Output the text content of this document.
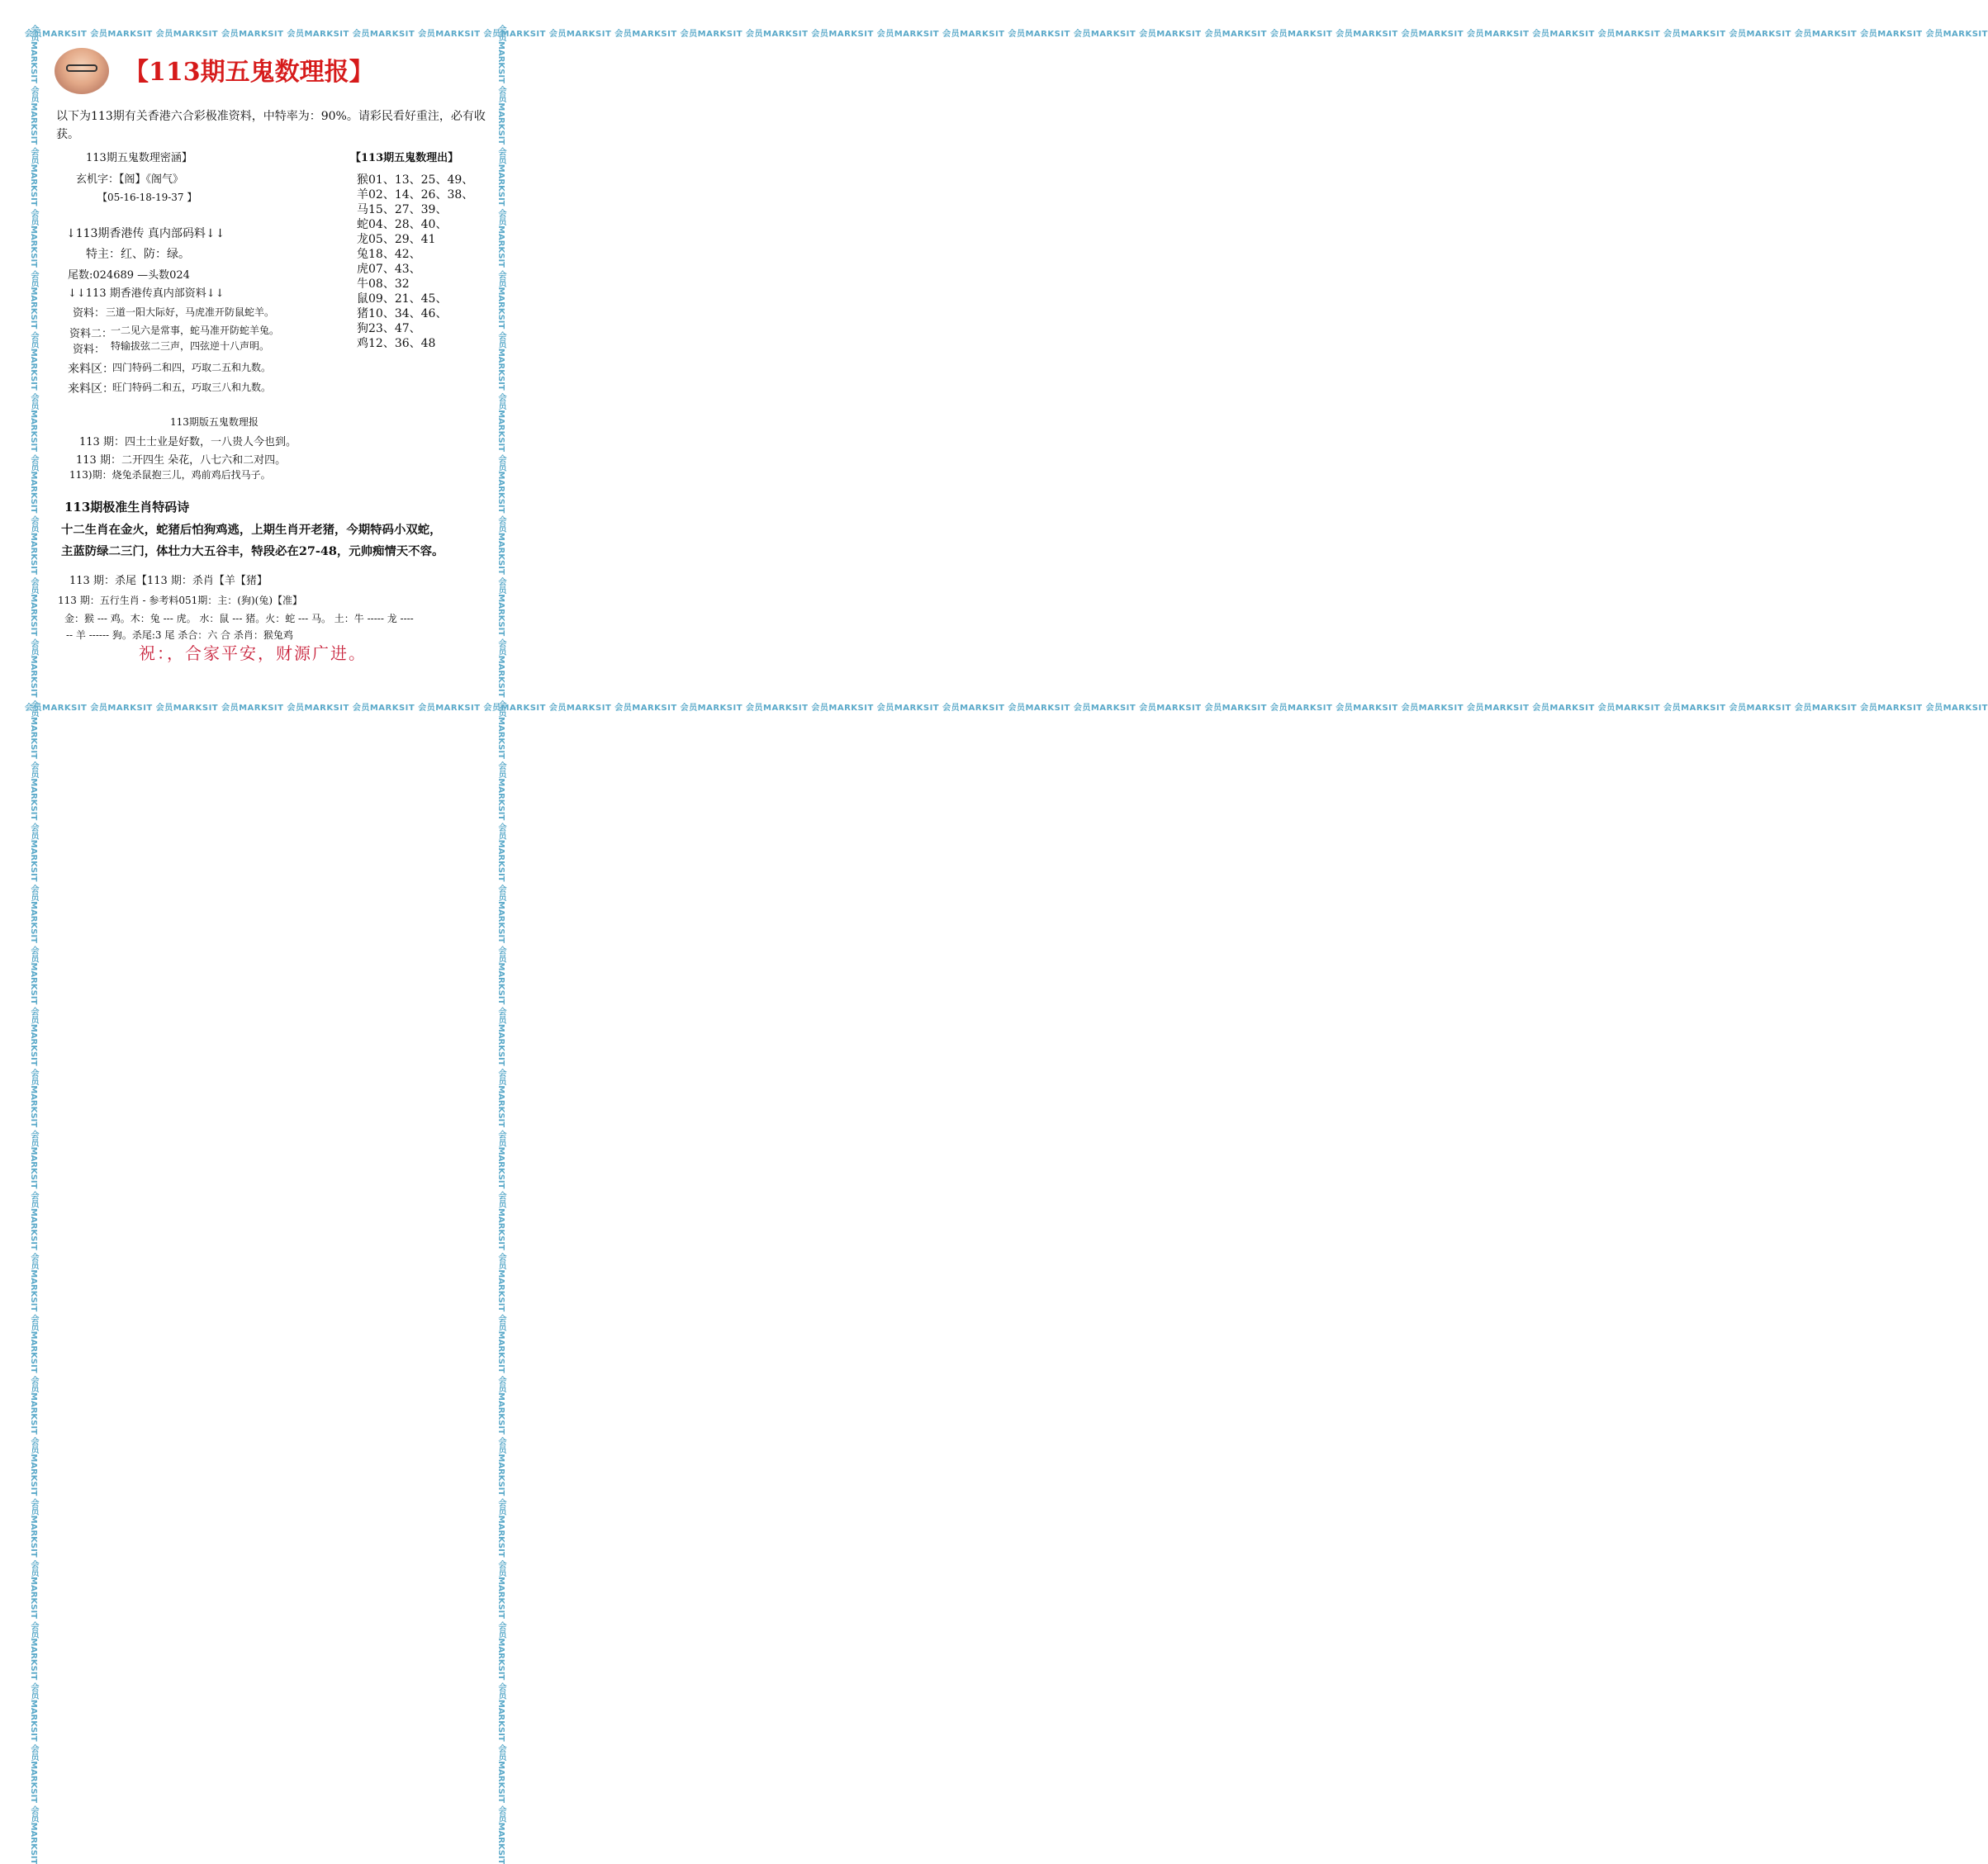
会员MARKSIT 会员MARKSIT 会员MARKSIT 会员MARKSIT 会员MARKSIT 会员MARKSIT 会员MARKSIT 会员MARKSIT 会员MARKSIT 会员MARKSIT 会员MARKSIT 会员MARKSIT 会员MARKSIT 会员MARKSIT 会员MARKSIT 会员MARKSIT 会员MARKSIT 会员MARKSIT 会员MARKSIT 会员MARKSIT 会员MARKSIT 会员MARKSIT 会员MARKSIT 会员MARKSIT 会员MARKSIT 会员MARKSIT 会员MARKSIT 会员MARKSIT 会员MARKSIT 会员MARKSIT
会员MARKSIT 会员MARKSIT 会员MARKSIT 会员MARKSIT 会员MARKSIT 会员MARKSIT 会员MARKSIT 会员MARKSIT 会员MARKSIT 会员MARKSIT 会员MARKSIT 会员MARKSIT 会员MARKSIT 会员MARKSIT 会员MARKSIT 会员MARKSIT 会员MARKSIT 会员MARKSIT 会员MARKSIT 会员MARKSIT 会员MARKSIT 会员MARKSIT 会员MARKSIT 会员MARKSIT 会员MARKSIT 会员MARKSIT 会员MARKSIT 会员MARKSIT 会员MARKSIT 会员MARKSIT
会员MARKSIT 会员MARKSIT 会员MARKSIT 会员MARKSIT 会员MARKSIT 会员MARKSIT 会员MARKSIT 会员MARKSIT 会员MARKSIT 会员MARKSIT 会员MARKSIT 会员MARKSIT 会员MARKSIT 会员MARKSIT 会员MARKSIT 会员MARKSIT 会员MARKSIT 会员MARKSIT 会员MARKSIT 会员MARKSIT 会员MARKSIT 会员MARKSIT 会员MARKSIT 会员MARKSIT 会员MARKSIT 会员MARKSIT 会员MARKSIT 会员MARKSIT 会员MARKSIT 会员MARKSIT	会员MARKSIT 会员MARKSIT 会员MARKSIT 会员MARKSIT 会员MARKSIT 会员MARKSIT 会员MARKSIT 会员MARKSIT 会员MARKSIT 会员MARKSIT 会员MARKSIT 会员MARKSIT 会员MARKSIT 会员MARKSIT 会员MARKSIT 会员MARKSIT 会员MARKSIT 会员MARKSIT 会员MARKSIT 会员MARKSIT 会员MARKSIT 会员MARKSIT 会员MARKSIT 会员MARKSIT 会员MARKSIT 会员MARKSIT 会员MARKSIT 会员MARKSIT 会员MARKSIT 会员MARKSIT
【113期五鬼数理报】
以下为113期有关香港六合彩极准资料，中特率为：90%。请彩民看好重注，必有收获。
113期五鬼数理密涵】
玄机字：【阁】《阁气》
【05-16-18-19-37 】
【113期五鬼数理出】
猴01、13、25、49、
羊02、14、26、38、
马15、27、39、
蛇04、28、40、
龙05、29、41
兔18、42、
虎07、43、
牛08、32
鼠09、21、45、
猪10、34、46、
狗23、47、
鸡12、36、48
↓113期香港传 真内部码料↓↓
特主：红、防：绿。
尾数:024689 —头数024
↓↓113 期香港传真内部资料↓↓
资料： 三道一阳大际好，马虎准开防鼠蛇羊。
资料二：
一二见六是常事，蛇马准开防蛇羊兔。
资料： 特输拔弦二三声，四弦逆十八声明。
来料区：
四门特码二和四，巧取二五和九数。
来料区：
旺门特码二和五，巧取三八和九数。
113期版五鬼数理报
113 期：四土士业是好数，一八贵人今也到。
113 期：二开四生 朵花，八七六和二对四。
113)期：烧兔杀鼠抱三儿，鸡前鸡后找马子。
113期极准生肖特码诗
十二生肖在金火，蛇猪后怕狗鸡逃，上期生肖开老猪，今期特码小双蛇，
主蓝防绿二三门，体壮力大五谷丰，特段必在27-48，元帅痴情天不容。
113 期：杀尾【113 期：杀肖【羊【猪】
113 期：五行生肖 - 参考料051期：主：(狗)(兔)【准】
金：猴 --- 鸡。木：兔 --- 虎。 水：鼠 --- 猪。火：蛇 --- 马。 土：牛 ----- 龙 ----
-- 羊 ------ 狗。杀尾:3 尾 杀合：六 合 杀肖：猴兔鸡
祝：，合家平安，财源广进。
